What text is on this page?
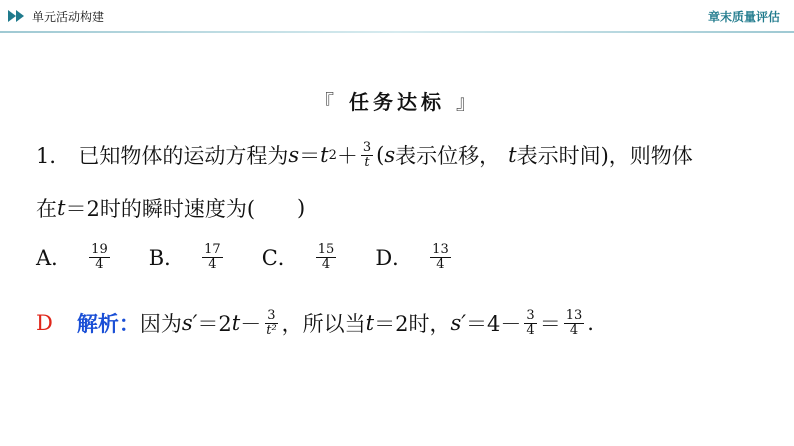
单元活动构建	章末质量评估
『 任务达标 』
1． 已知物体的运动方程为 s ＝ t $2 + \frac{3}{t}$ ( s 表示位移， t 表示时间)，则物体
在 t ＝2时的瞬时速度为(
　　 )
A． $\frac{19}{4}$ B． $\frac{17}{4}$ C． $\frac{15}{4}$ D． $\frac{13}{4}$
D 解析： 因为 s′ ＝2 $t - \frac{3}{\text{t²}}$ ，所以当 t ＝2时， $s' =4- \frac{3}{4} = \frac{13}{4}$ .
